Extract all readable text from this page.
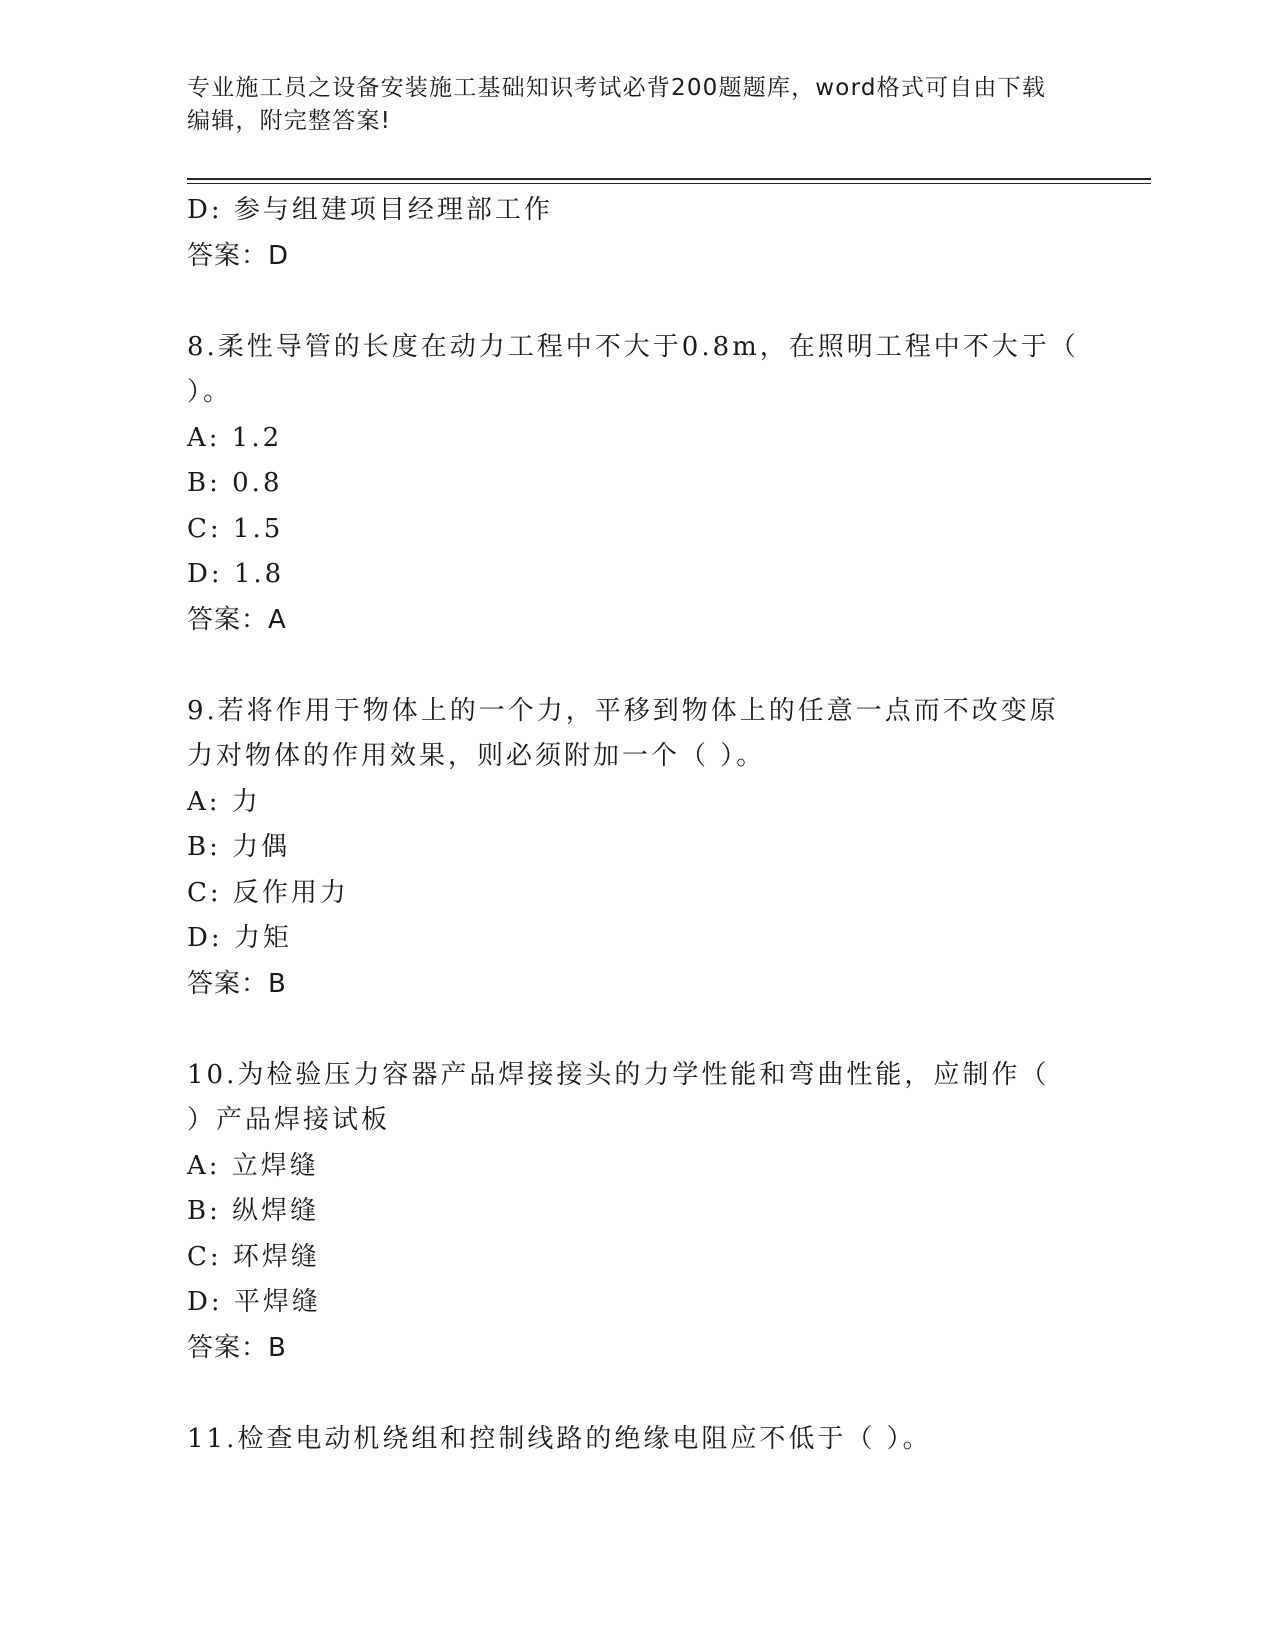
专业施工员之设备安装施工基础知识考试必背200题题库，word格式可自由下载
编辑，附完整答案!
D: 参与组建项目经理部工作
答案：D
8.柔性导管的长度在动力工程中不大于0.8m，在照明工程中不大于（
）。
A: 1.2
B: 0.8
C: 1.5
D: 1.8
答案：A
9.若将作用于物体上的一个力，平移到物体上的任意一点而不改变原
力对物体的作用效果，则必须附加一个（ ）。
A: 力
B: 力偶
C: 反作用力
D: 力矩
答案：B
10.为检验压力容器产品焊接接头的力学性能和弯曲性能，应制作（
）产品焊接试板
A: 立焊缝
B: 纵焊缝
C: 环焊缝
D: 平焊缝
答案：B
11.检查电动机绕组和控制线路的绝缘电阻应不低于（ ）。
